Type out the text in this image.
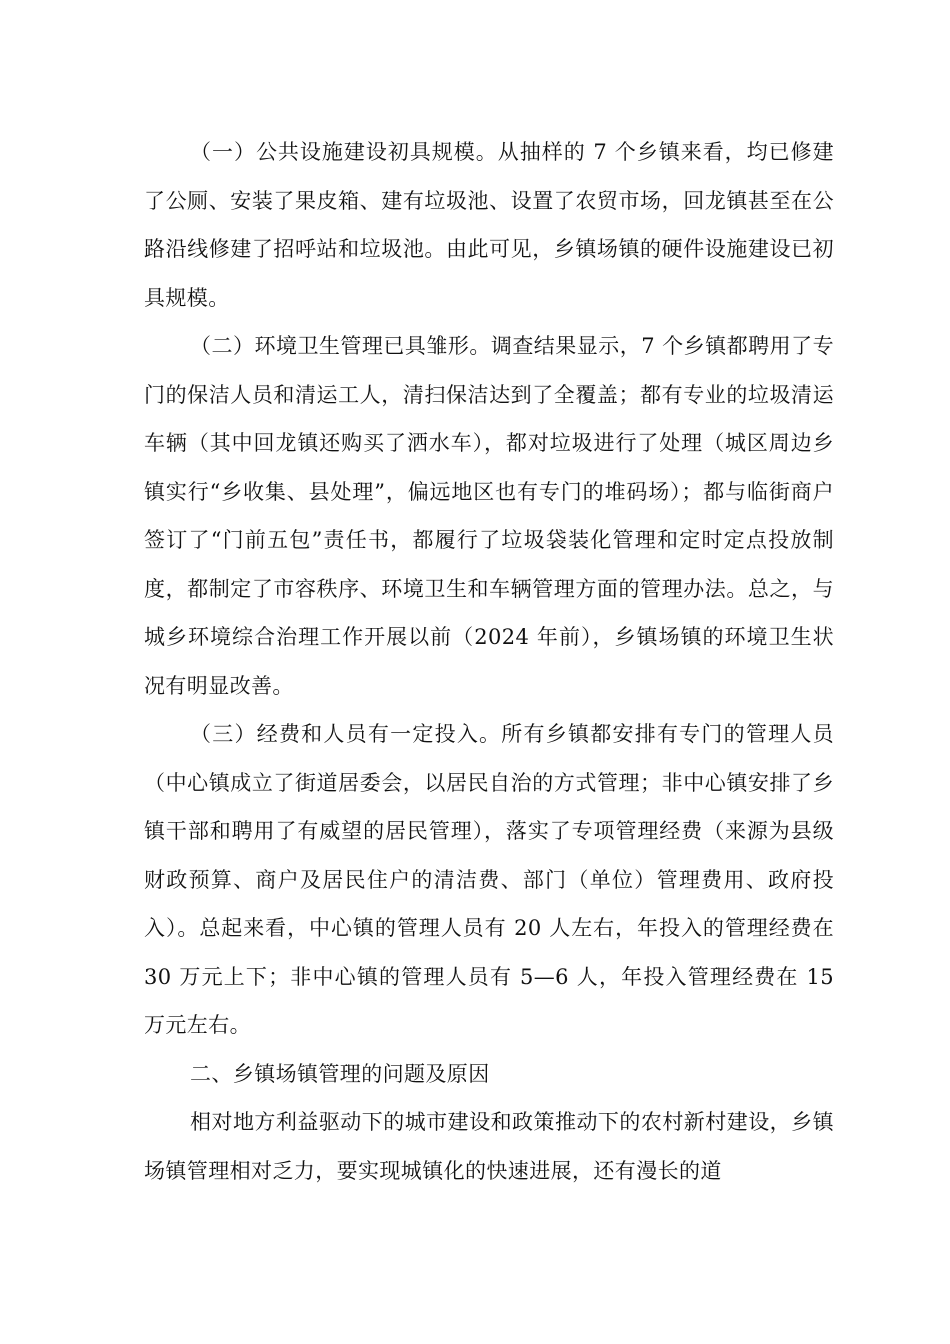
（一）公共设施建设初具规模。从抽样的 7 个乡镇来看，均已修建了公厕、安装了果皮箱、建有垃圾池、设置了农贸市场，回龙镇甚至在公路沿线修建了招呼站和垃圾池。由此可见，乡镇场镇的硬件设施建设已初具规模。

（二）环境卫生管理已具雏形。调查结果显示，7 个乡镇都聘用了专门的保洁人员和清运工人，清扫保洁达到了全覆盖；都有专业的垃圾清运车辆（其中回龙镇还购买了洒水车），都对垃圾进行了处理（城区周边乡镇实行“乡收集、县处理”，偏远地区也有专门的堆码场）；都与临街商户签订了“门前五包”责任书，都履行了垃圾袋装化管理和定时定点投放制度，都制定了市容秩序、环境卫生和车辆管理方面的管理办法。总之，与城乡环境综合治理工作开展以前（2024 年前），乡镇场镇的环境卫生状况有明显改善。

（三）经费和人员有一定投入。所有乡镇都安排有专门的管理人员（中心镇成立了街道居委会，以居民自治的方式管理；非中心镇安排了乡镇干部和聘用了有威望的居民管理），落实了专项管理经费（来源为县级财政预算、商户及居民住户的清洁费、部门（单位）管理费用、政府投入）。总起来看，中心镇的管理人员有 20 人左右，年投入的管理经费在 30 万元上下；非中心镇的管理人员有 5—6 人，年投入管理经费在 15 万元左右。

二、乡镇场镇管理的问题及原因

相对地方利益驱动下的城市建设和政策推动下的农村新村建设，乡镇场镇管理相对乏力，要实现城镇化的快速进展，还有漫长的道
